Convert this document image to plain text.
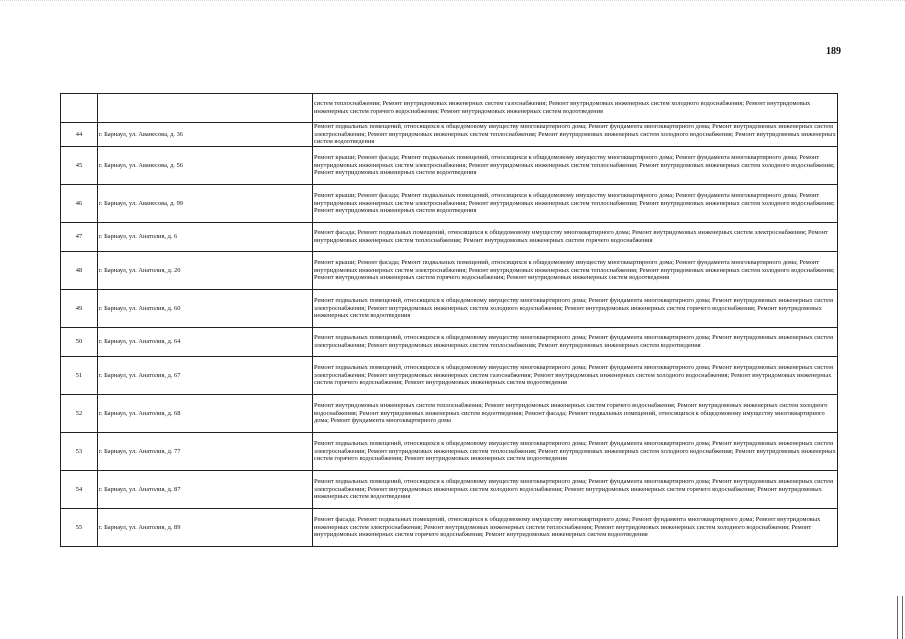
189
		систем теплоснабжения; Ремонт внутридомовых инженерных систем газоснабжения; Ремонт внутридомовых инженерных систем холодного водоснабжения; Ремонт внутридомовых инженерных систем горячего водоснабжения; Ремонт внутридомовых инженерных систем водоотведения
44	г. Барнаул, ул. Аванесова, д. 36	Ремонт подвальных помещений, относящихся к общедомовому имуществу многоквартирного дома; Ремонт фундамента многоквартирного дома; Ремонт внутридомовых инженерных систем электроснабжения; Ремонт внутридомовых инженерных систем теплоснабжения; Ремонт внутридомовых инженерных систем холодного водоснабжения; Ремонт внутридомовых инженерных систем водоотведения
45	г. Барнаул, ул. Аванесова, д. 56	Ремонт крыши; Ремонт фасада; Ремонт подвальных помещений, относящихся к общедомовому имуществу многоквартирного дома; Ремонт фундамента многоквартирного дома; Ремонт внутридомовых инженерных систем электроснабжения; Ремонт внутридомовых инженерных систем теплоснабжения; Ремонт внутридомовых инженерных систем холодного водоснабжения; Ремонт внутридомовых инженерных систем водоотведения
46	г. Барнаул, ул. Аванесова, д. 99	Ремонт крыши; Ремонт фасада; Ремонт подвальных помещений, относящихся к общедомовому имуществу многоквартирного дома; Ремонт фундамента многоквартирного дома; Ремонт внутридомовых инженерных систем электроснабжения; Ремонт внутридомовых инженерных систем теплоснабжения; Ремонт внутридомовых инженерных систем холодного водоснабжения; Ремонт внутридомовых инженерных систем водоотведения
47	г. Барнаул, ул. Анатолия, д. 6	Ремонт фасада; Ремонт подвальных помещений, относящихся к общедомовому имуществу многоквартирного дома; Ремонт внутридомовых инженерных систем электроснабжения; Ремонт внутридомовых инженерных систем теплоснабжения; Ремонт внутридомовых инженерных систем горячего водоснабжения
48	г. Барнаул, ул. Анатолия, д. 20	Ремонт крыши; Ремонт фасада; Ремонт подвальных помещений, относящихся к общедомовому имуществу многоквартирного дома; Ремонт фундамента многоквартирного дома; Ремонт внутридомовых инженерных систем электроснабжения; Ремонт внутридомовых инженерных систем теплоснабжения; Ремонт внутридомовых инженерных систем холодного водоснабжения; Ремонт внутридомовых инженерных систем горячего водоснабжения; Ремонт внутридомовых инженерных систем водоотведения
49	г. Барнаул, ул. Анатолия, д. 60	Ремонт подвальных помещений, относящихся к общедомовому имуществу многоквартирного дома; Ремонт фундамента многоквартирного дома; Ремонт внутридомовых инженерных систем электроснабжения; Ремонт внутридомовых инженерных систем холодного водоснабжения; Ремонт внутридомовых инженерных систем горячего водоснабжения; Ремонт внутридомовых инженерных систем водоотведения
50	г. Барнаул, ул. Анатолия, д. 64	Ремонт подвальных помещений, относящихся к общедомовому имуществу многоквартирного дома; Ремонт фундамента многоквартирного дома; Ремонт внутридомовых инженерных систем электроснабжения; Ремонт внутридомовых инженерных систем теплоснабжения; Ремонт внутридомовых инженерных систем водоотведения
51	г. Барнаул, ул. Анатолия, д. 67	Ремонт подвальных помещений, относящихся к общедомовому имуществу многоквартирного дома; Ремонт фундамента многоквартирного дома; Ремонт внутридомовых инженерных систем электроснабжения; Ремонт внутридомовых инженерных систем газоснабжения; Ремонт внутридомовых инженерных систем холодного водоснабжения; Ремонт внутридомовых инженерных систем горячего водоснабжения; Ремонт внутридомовых инженерных систем водоотведения
52	г. Барнаул, ул. Анатолия, д. 68	Ремонт внутридомовых инженерных систем теплоснабжения; Ремонт внутридомовых инженерных систем горячего водоснабжения; Ремонт внутридомовых инженерных систем холодного водоснабжения; Ремонт внутридомовых инженерных систем водоотведения; Ремонт фасада; Ремонт подвальных помещений, относящихся к общедомовому имуществу многоквартирного дома; Ремонт фундамента многоквартирного дома
53	г. Барнаул, ул. Анатолия, д. 77	Ремонт подвальных помещений, относящихся к общедомовому имуществу многоквартирного дома; Ремонт фундамента многоквартирного дома; Ремонт внутридомовых инженерных систем электроснабжения; Ремонт внутридомовых инженерных систем теплоснабжения; Ремонт внутридомовых инженерных систем холодного водоснабжения; Ремонт внутридомовых инженерных систем горячего водоснабжения; Ремонт внутридомовых инженерных систем водоотведения
54	г. Барнаул, ул. Анатолия, д. 87	Ремонт подвальных помещений, относящихся к общедомовому имуществу многоквартирного дома; Ремонт фундамента многоквартирного дома; Ремонт внутридомовых инженерных систем электроснабжения; Ремонт внутридомовых инженерных систем холодного водоснабжения; Ремонт внутридомовых инженерных систем горячего водоснабжения; Ремонт внутридомовых инженерных систем водоотведения
55	г. Барнаул, ул. Анатолия, д. 89	Ремонт фасада; Ремонт подвальных помещений, относящихся к общедомовому имуществу многоквартирного дома; Ремонт фундамента многоквартирного дома; Ремонт внутридомовых инженерных систем электроснабжения; Ремонт внутридомовых инженерных систем теплоснабжения; Ремонт внутридомовых инженерных систем холодного водоснабжения; Ремонт внутридомовых инженерных систем горячего водоснабжения; Ремонт внутридомовых инженерных систем водоотведения
